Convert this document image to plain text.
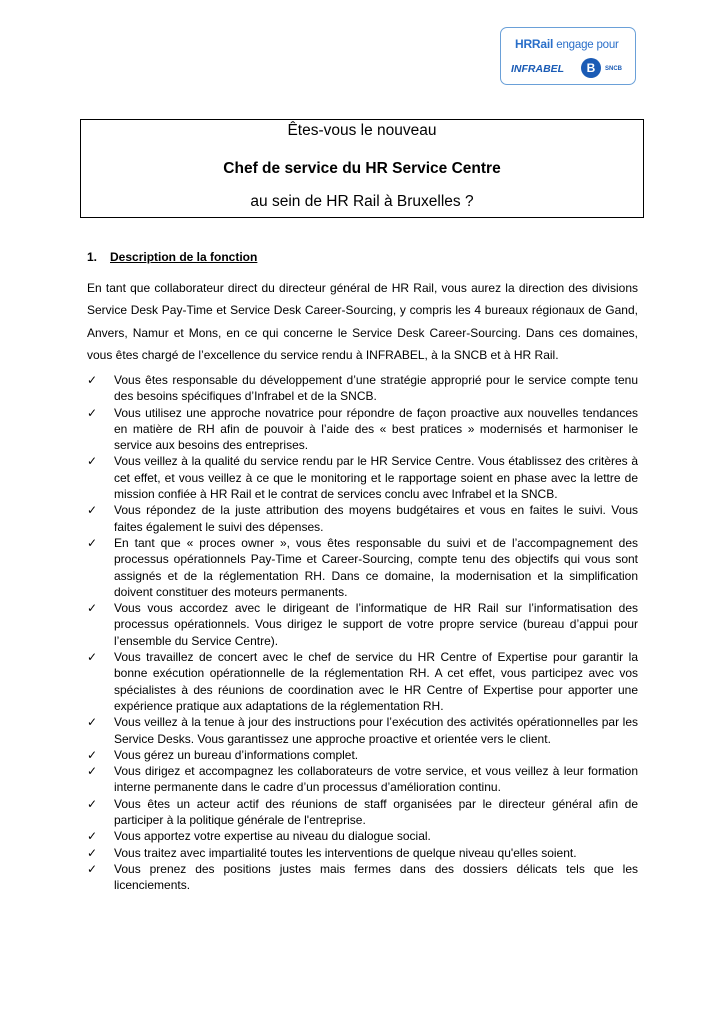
HRRail engage pour
INFRABEL	B	SNCB
Êtes-vous le nouveau
Chef de service du HR Service Centre
au sein de HR Rail à Bruxelles ?
1. Description de la fonction
En tant que collaborateur direct du directeur général de HR Rail, vous aurez la direction des divisions Service Desk Pay-Time et Service Desk Career-Sourcing, y compris les 4 bureaux régionaux de Gand, Anvers, Namur et Mons, en ce qui concerne le Service Desk Career-Sourcing. Dans ces domaines, vous êtes chargé de l’excellence du service rendu à INFRABEL, à la SNCB et à HR Rail.
✓ Vous êtes responsable du développement d’une stratégie approprié pour le service compte tenu des besoins spécifiques d’Infrabel et de la SNCB.
✓ Vous utilisez une approche novatrice pour répondre de façon proactive aux nouvelles tendances en matière de RH afin de pouvoir à l’aide des « best pratices » modernisés et harmoniser le service aux besoins des entreprises.
✓ Vous veillez à la qualité du service rendu par le HR Service Centre. Vous établissez des critères à cet effet, et vous veillez à ce que le monitoring et le rapportage soient en phase avec la lettre de mission confiée à HR Rail et le contrat de services conclu avec Infrabel et la SNCB.
✓ Vous répondez de la juste attribution des moyens budgétaires et vous en faites le suivi. Vous faites également le suivi des dépenses.
✓ En tant que « proces owner », vous êtes responsable du suivi et de l’accompagnement des processus opérationnels Pay-Time et Career-Sourcing, compte tenu des objectifs qui vous sont assignés et de la réglementation RH. Dans ce domaine, la modernisation et la simplification doivent constituer des moteurs permanents.
✓ Vous vous accordez avec le dirigeant de l’informatique de HR Rail sur l’informatisation des processus opérationnels. Vous dirigez le support de votre propre service (bureau d’appui pour l’ensemble du Service Centre).
✓ Vous travaillez de concert avec le chef de service du HR Centre of Expertise pour garantir la bonne exécution opérationnelle de la réglementation RH. A cet effet, vous participez avec vos spécialistes à des réunions de coordination avec le HR Centre of Expertise pour apporter une expérience pratique aux adaptations de la réglementation RH.
✓ Vous veillez à la tenue à jour des instructions pour l’exécution des activités opérationnelles par les Service Desks. Vous garantissez une approche proactive et orientée vers le client.
✓ Vous gérez un bureau d’informations complet.
✓ Vous dirigez et accompagnez les collaborateurs de votre service, et vous veillez à leur formation interne permanente dans le cadre d’un processus d’amélioration continu.
✓ Vous êtes un acteur actif des réunions de staff organisées par le directeur général afin de participer à la politique générale de l'entreprise.
✓ Vous apportez votre expertise au niveau du dialogue social.
✓ Vous traitez avec impartialité toutes les interventions de quelque niveau qu'elles soient.
✓ Vous prenez des positions justes mais fermes dans des dossiers délicats tels que les licenciements.
